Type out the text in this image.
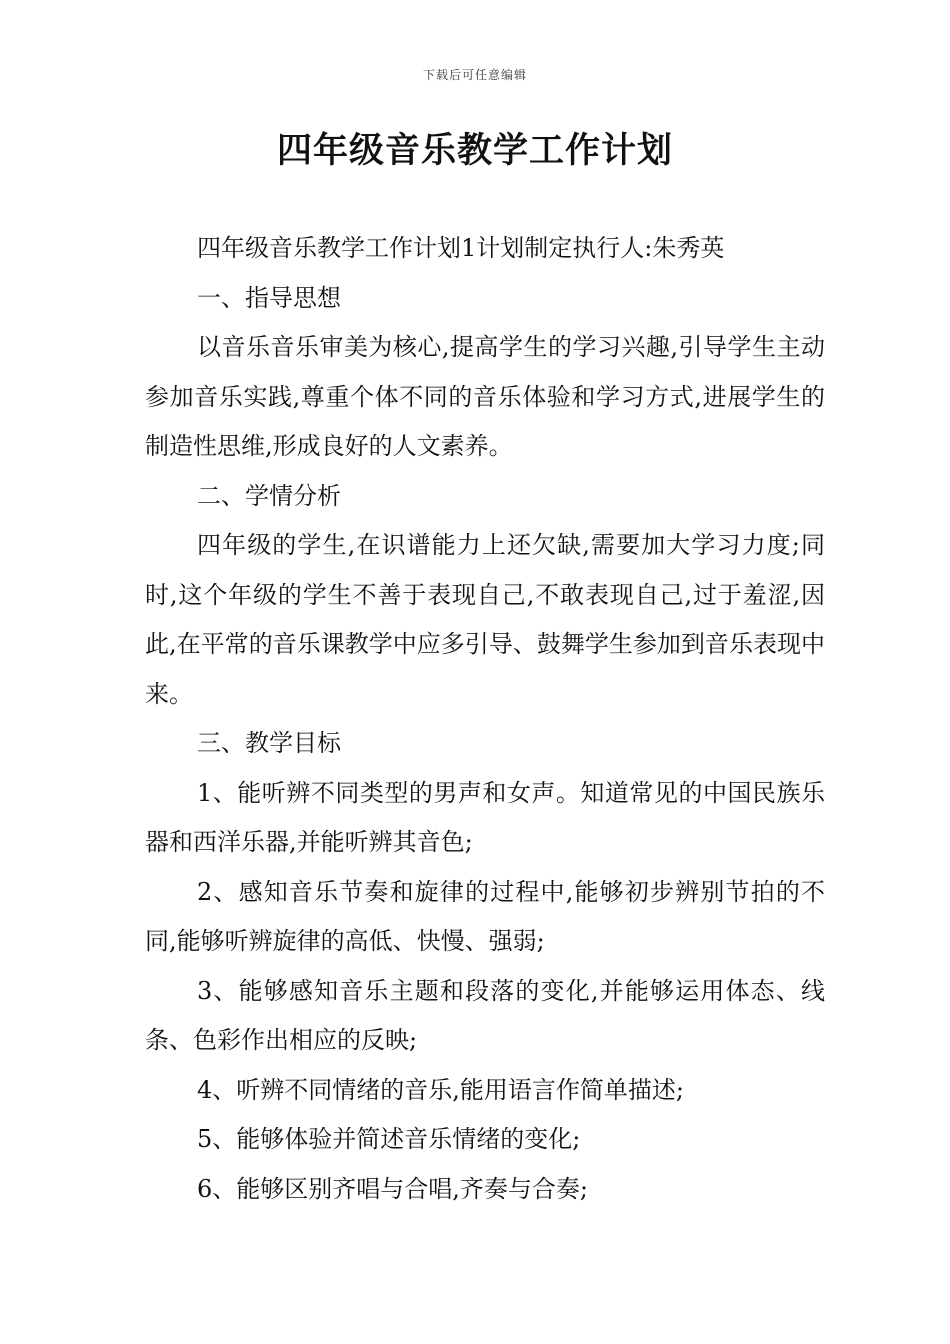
下载后可任意编辑
四年级音乐教学工作计划

四年级音乐教学工作计划1计划制定执行人:朱秀英

一、指导思想

以音乐音乐审美为核心,提高学生的学习兴趣,引导学生主动参加音乐实践,尊重个体不同的音乐体验和学习方式,进展学生的制造性思维,形成良好的人文素养。

二、学情分析

四年级的学生,在识谱能力上还欠缺,需要加大学习力度;同时,这个年级的学生不善于表现自己,不敢表现自己,过于羞涩,因此,在平常的音乐课教学中应多引导、鼓舞学生参加到音乐表现中来。

三、教学目标

1、能听辨不同类型的男声和女声。知道常见的中国民族乐器和西洋乐器,并能听辨其音色;

2、感知音乐节奏和旋律的过程中,能够初步辨别节拍的不同,能够听辨旋律的高低、快慢、强弱;

3、能够感知音乐主题和段落的变化,并能够运用体态、线条、色彩作出相应的反映;

4、听辨不同情绪的音乐,能用语言作简单描述;

5、能够体验并简述音乐情绪的变化;

6、能够区别齐唱与合唱,齐奏与合奏;
